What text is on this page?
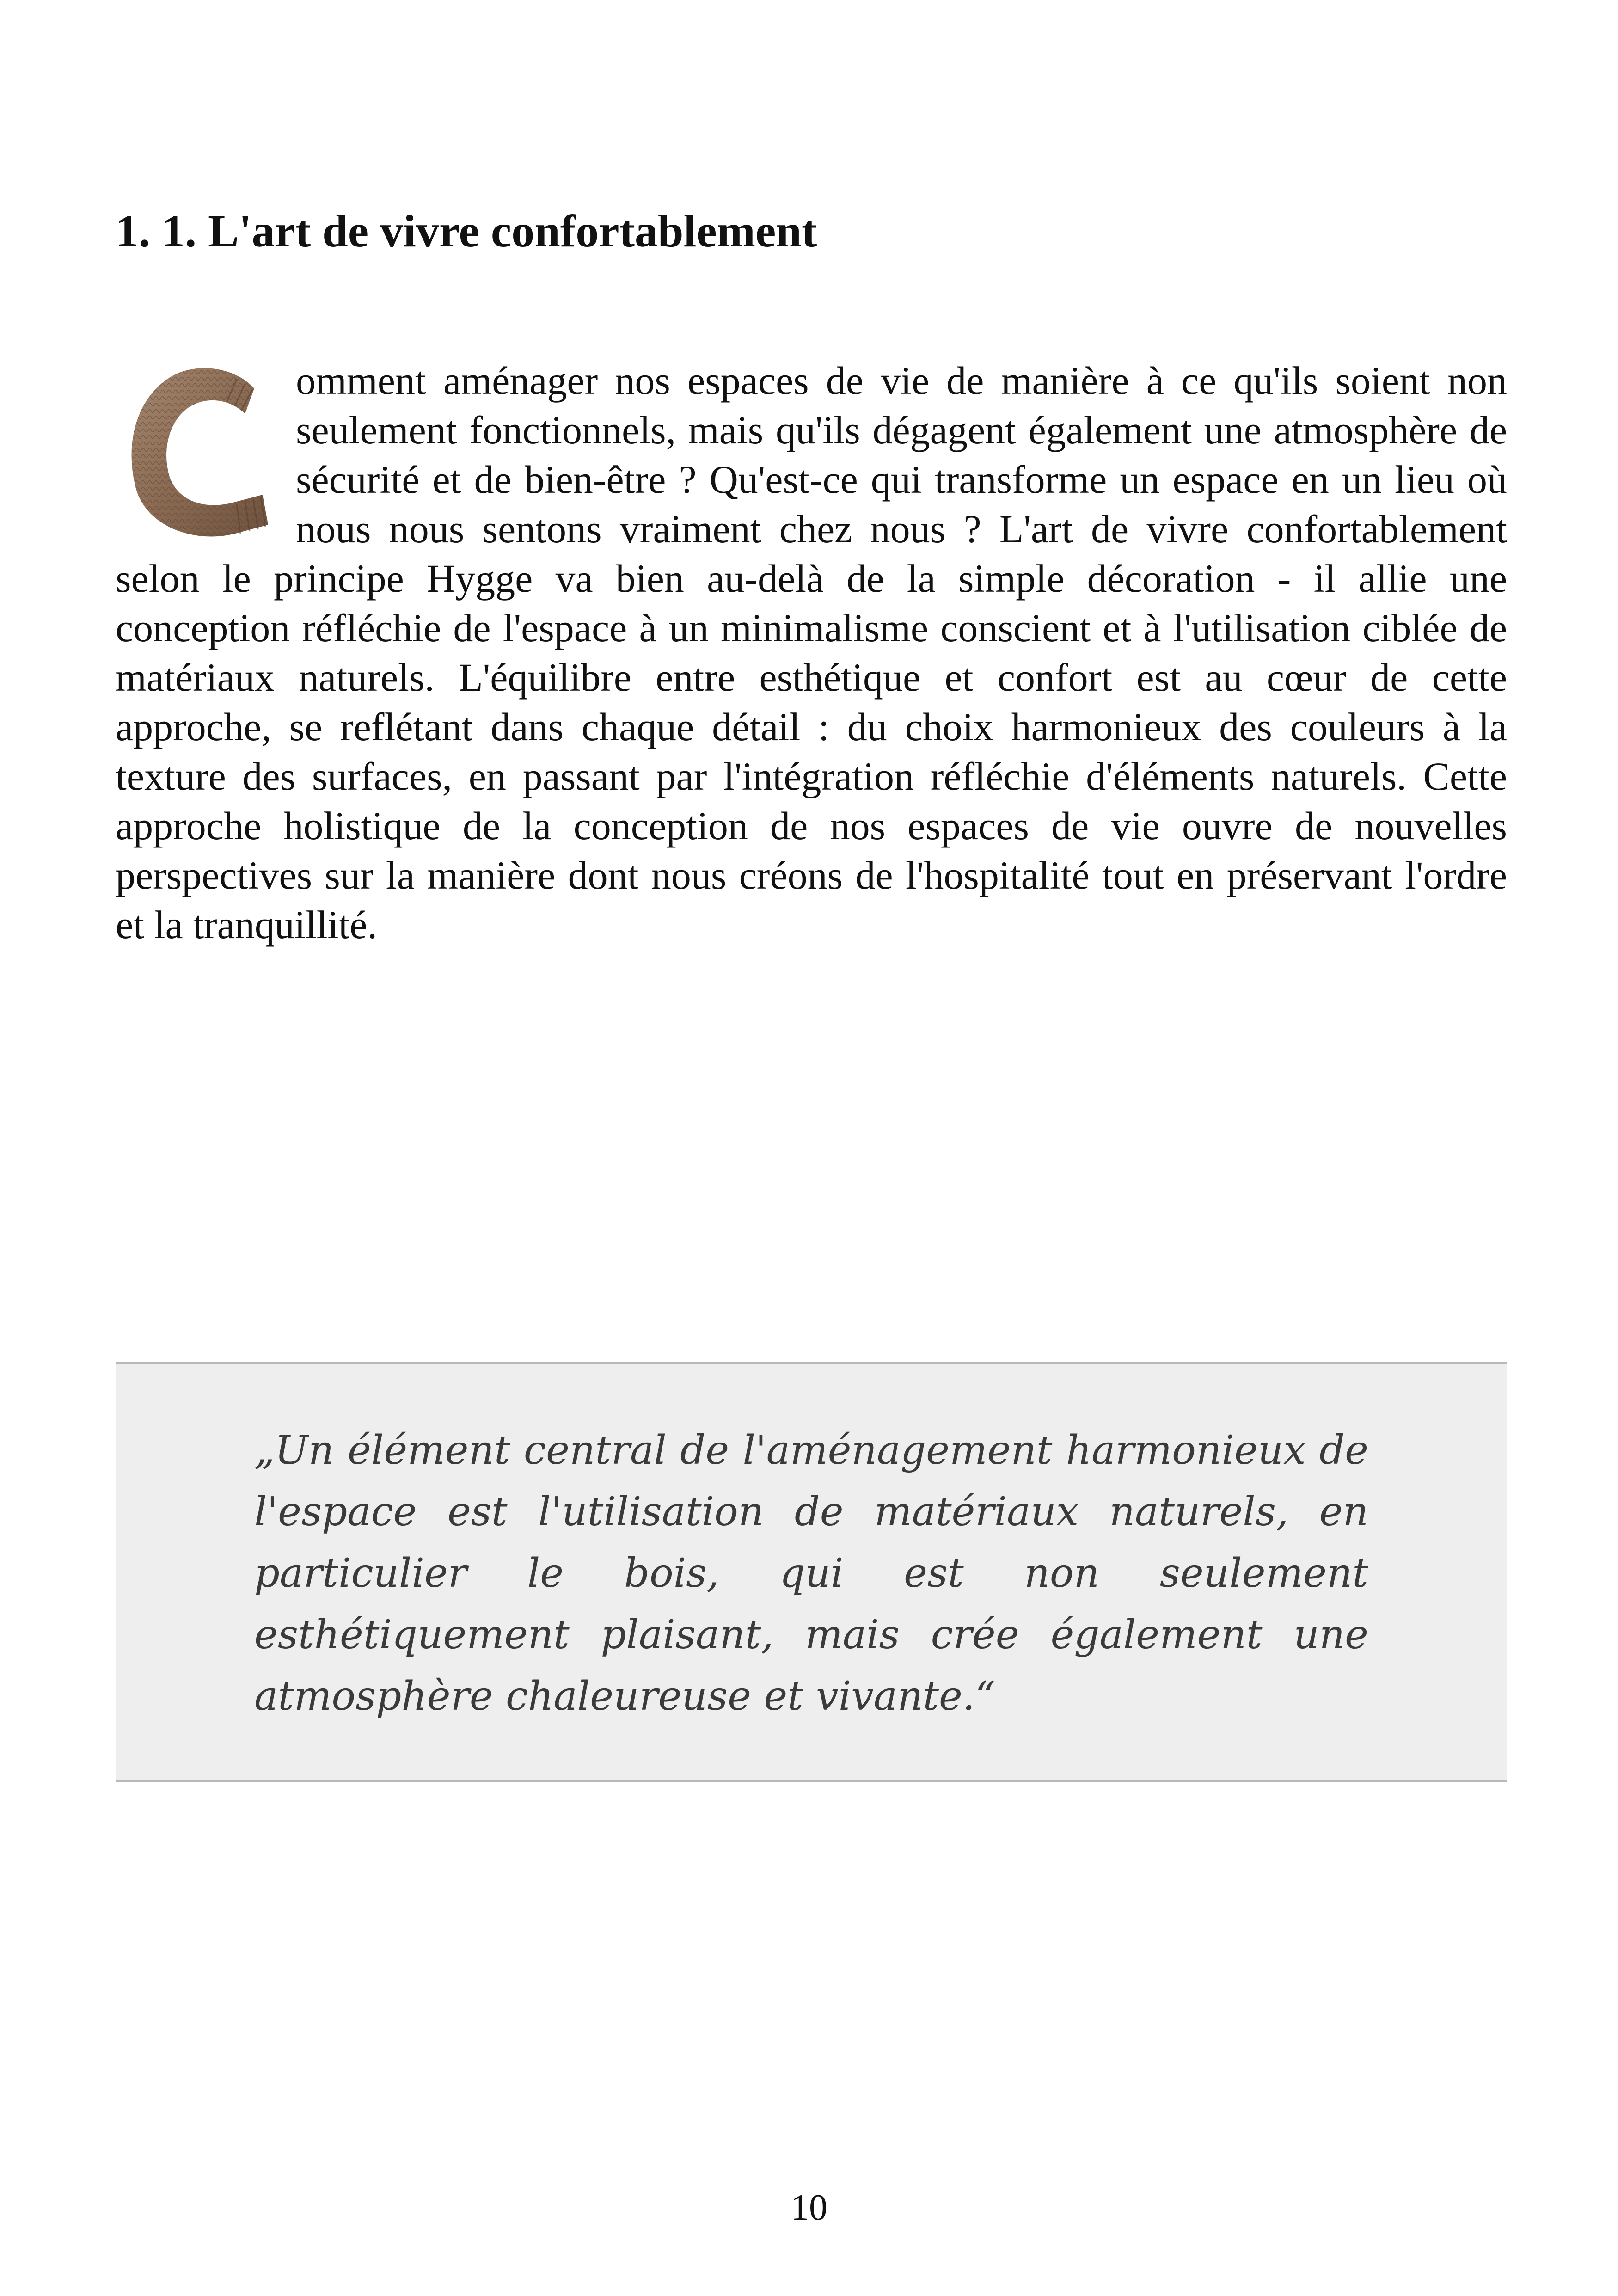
1. 1. L'art de vivre confortablement

omment aménager nos espaces de vie de manière à ce qu'ils soient non seulement fonctionnels, mais qu'ils dégagent également une atmosphère de sécurité et de bien-être ? Qu'est-ce qui transforme un espace en un lieu où nous nous sentons vraiment chez nous ? L'art de vivre confortablement selon le principe Hygge va bien au-delà de la simple décoration - il allie une conception réfléchie de l'espace à un minimalisme conscient et à l'utilisation ciblée de matériaux naturels. L'équilibre entre esthétique et confort est au cœur de cette approche, se reflétant dans chaque détail : du choix harmonieux des couleurs à la texture des surfaces, en passant par l'intégration réfléchie d'éléments naturels. Cette approche holistique de la conception de nos espaces de vie ouvre de nouvelles perspectives sur la manière dont nous créons de l'hospitalité tout en préservant l'ordre et la tranquillité.

„Un élément central de l'aménagement harmonieux de l'espace est l'utilisation de matériaux naturels, en particulier le bois, qui est non seulement esthétiquement plaisant, mais crée également une atmosphère chaleureuse et vivante.“

10
